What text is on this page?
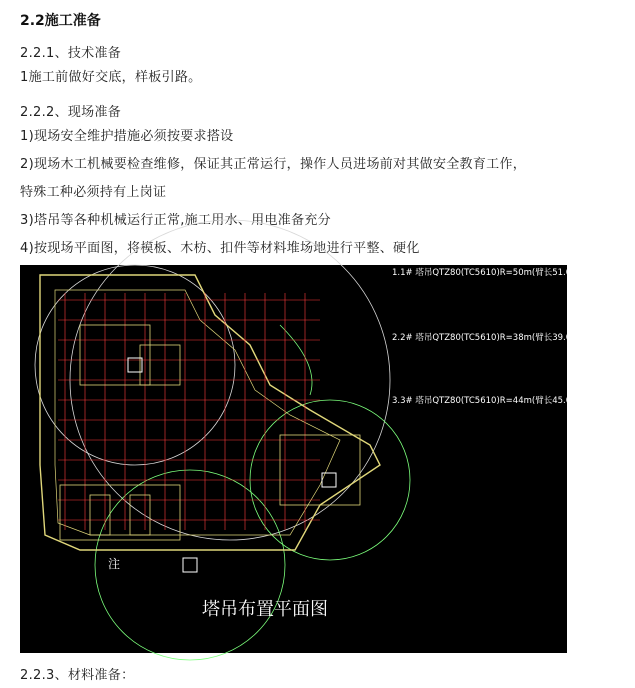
2.2施工准备
2.2.1、技术准备
1施工前做好交底，样板引路。
2.2.2、现场准备
1)现场安全维护措施必须按要求搭设
2)现场木工机械要检查维修，保证其正常运行，操作人员进场前对其做安全教育工作，
特殊工种必须持有上岗证
3)塔吊等各种机械运行正常,施工用水、用电准备充分
4)按现场平面图，将模板、木枋、扣件等材料堆场地进行平整、硬化
1.1# 塔吊QTZ80(TC5610)R=50m(臂长51.09m)
2.2# 塔吊QTZ80(TC5610)R=38m(臂长39.09m)
3.3# 塔吊QTZ80(TC5610)R=44m(臂长45.09m)
注
塔吊布置平面图
2.2.3、材料准备：
